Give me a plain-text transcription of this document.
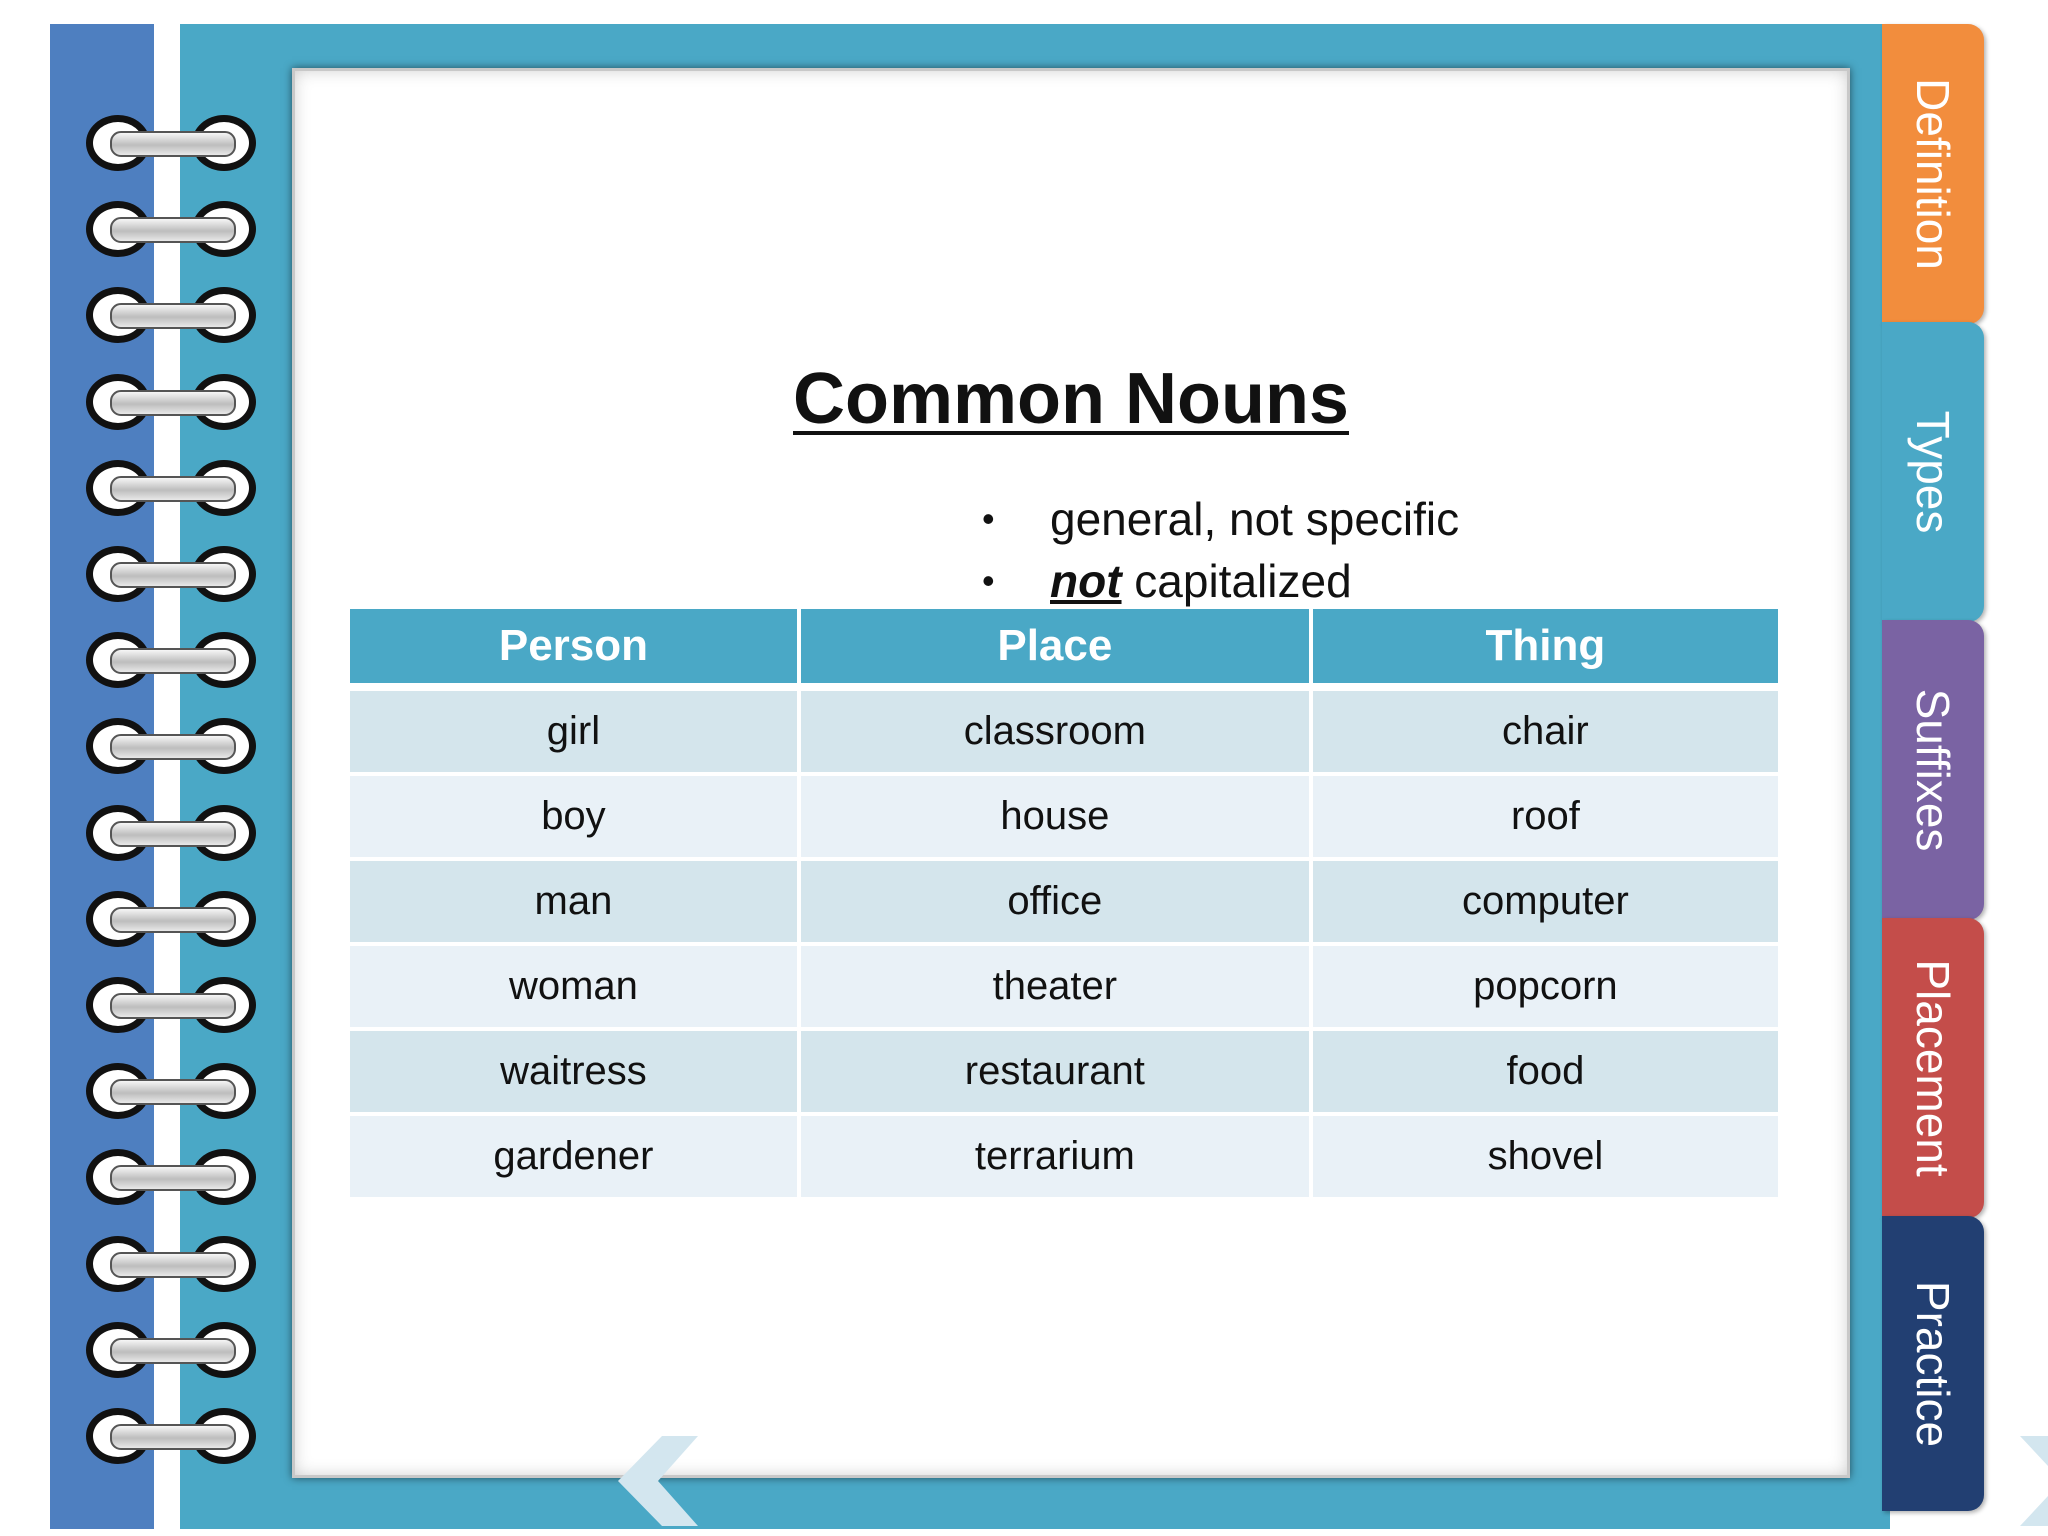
Common Nouns
•	general, not specific
•	not capitalized
Person	Place	Thing
girl	classroom	chair
boy	house	roof
man	office	computer
woman	theater	popcorn
waitress	restaurant	food
gardener	terrarium	shovel
Definition
Types
Suffixes
Placement
Practice
